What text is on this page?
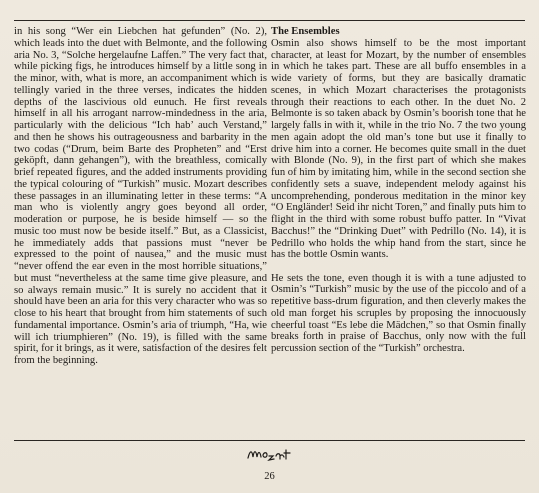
in his song “Wer ein Liebchen hat gefunden” (No. 2), which leads into the duet with Belmonte, and the following aria No. 3, “Solche hergelaufne Laffen.” The very fact that, while picking figs, he introduces himself by a little song in the minor, with, what is more, an accompaniment which is tellingly varied in the three verses, indicates the hidden depths of the lascivious old eunuch. He first reveals himself in all his arrogant narrow-mindedness in the aria, particularly with the delicious “Ich hab’ auch Verstand,” and then he shows his outrageousness and barbarity in the two codas (“Drum, beim Barte des Propheten” and “Erst geköpft, dann gehangen”), with the breathless, comically brief repeated figures, and the added instruments providing the typical colouring of “Turkish” music. Mozart describes these passages in an illuminating letter in these terms: “A man who is violently angry goes beyond all order, moderation or purpose, he is beside himself — so the music too must now be beside itself.” But, as a Classicist, he immediately adds that passions must “never be expressed to the point of nausea,” and the music must “never offend the ear even in the most horrible situations,” but must “nevertheless at the same time give pleasure, and so always remain music.” It is surely no accident that it should have been an aria for this very character who was so close to his heart that brought from him statements of such fundamental importance. Osmin’s aria of triumph, “Ha, wie will ich triumphieren” (No. 19), is filled with the same spirit, for it brings, as it were, satisfaction of the desires felt from the beginning.

The Ensembles

Osmin also shows himself to be the most important character, at least for Mozart, by the number of ensembles in which he takes part. These are all buffo ensembles in a wide variety of forms, but they are basically dramatic scenes, in which Mozart characterises the protagonists through their reactions to each other. In the duet No. 2 Belmonte is so taken aback by Osmin’s boorish tone that he largely falls in with it, while in the trio No. 7 the two young men again adopt the old man’s tone but use it finally to drive him into a corner. He becomes quite small in the duet with Blonde (No. 9), in the first part of which she makes fun of him by imitating him, while in the second section she confidently sets a suave, independent melody against his uncomprehending, ponderous meditation in the minor key “O Engländer! Seid ihr nicht Toren,” and finally puts him to flight in the third with some robust buffo patter. In “Vivat Bacchus!” the “Drinking Duet” with Pedrillo (No. 14), it is Pedrillo who holds the whip hand from the start, since he has the bottle Osmin wants.

He sets the tone, even though it is with a tune adjusted to Osmin’s “Turkish” music by the use of the piccolo and of a repetitive bass-drum figuration, and then cleverly makes the old man forget his scruples by proposing the innocuously cheerful toast “Es lebe die Mädchen,” so that Osmin finally breaks forth in praise of Bacchus, only now with the full percussion section of the “Turkish” orchestra.

26
